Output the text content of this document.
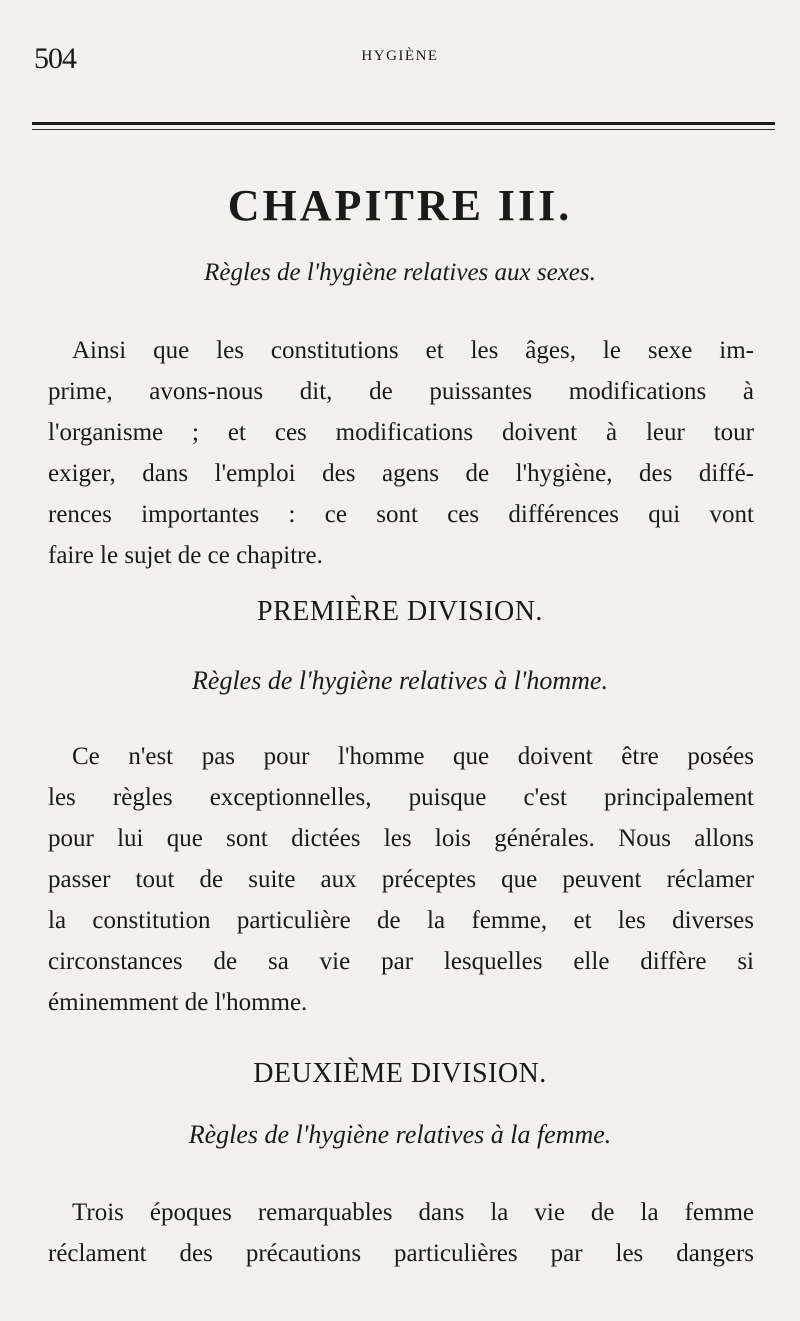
504	HYGIÈNE
CHAPITRE III.
Règles de l'hygiène relatives aux sexes.
Ainsi que les constitutions et les âges, le sexe im-
prime, avons-nous dit, de puissantes modifications à
l'organisme ; et ces modifications doivent à leur tour
exiger, dans l'emploi des agens de l'hygiène, des diffé-
rences importantes : ce sont ces différences qui vont
faire le sujet de ce chapitre.
PREMIÈRE DIVISION.
Règles de l'hygiène relatives à l'homme.
Ce n'est pas pour l'homme que doivent être posées
les règles exceptionnelles, puisque c'est principalement
pour lui que sont dictées les lois générales. Nous allons
passer tout de suite aux préceptes que peuvent réclamer
la constitution particulière de la femme, et les diverses
circonstances de sa vie par lesquelles elle diffère si
éminemment de l'homme.
DEUXIÈME DIVISION.
Règles de l'hygiène relatives à la femme.
Trois époques remarquables dans la vie de la femme
réclament des précautions particulières par les dangers
